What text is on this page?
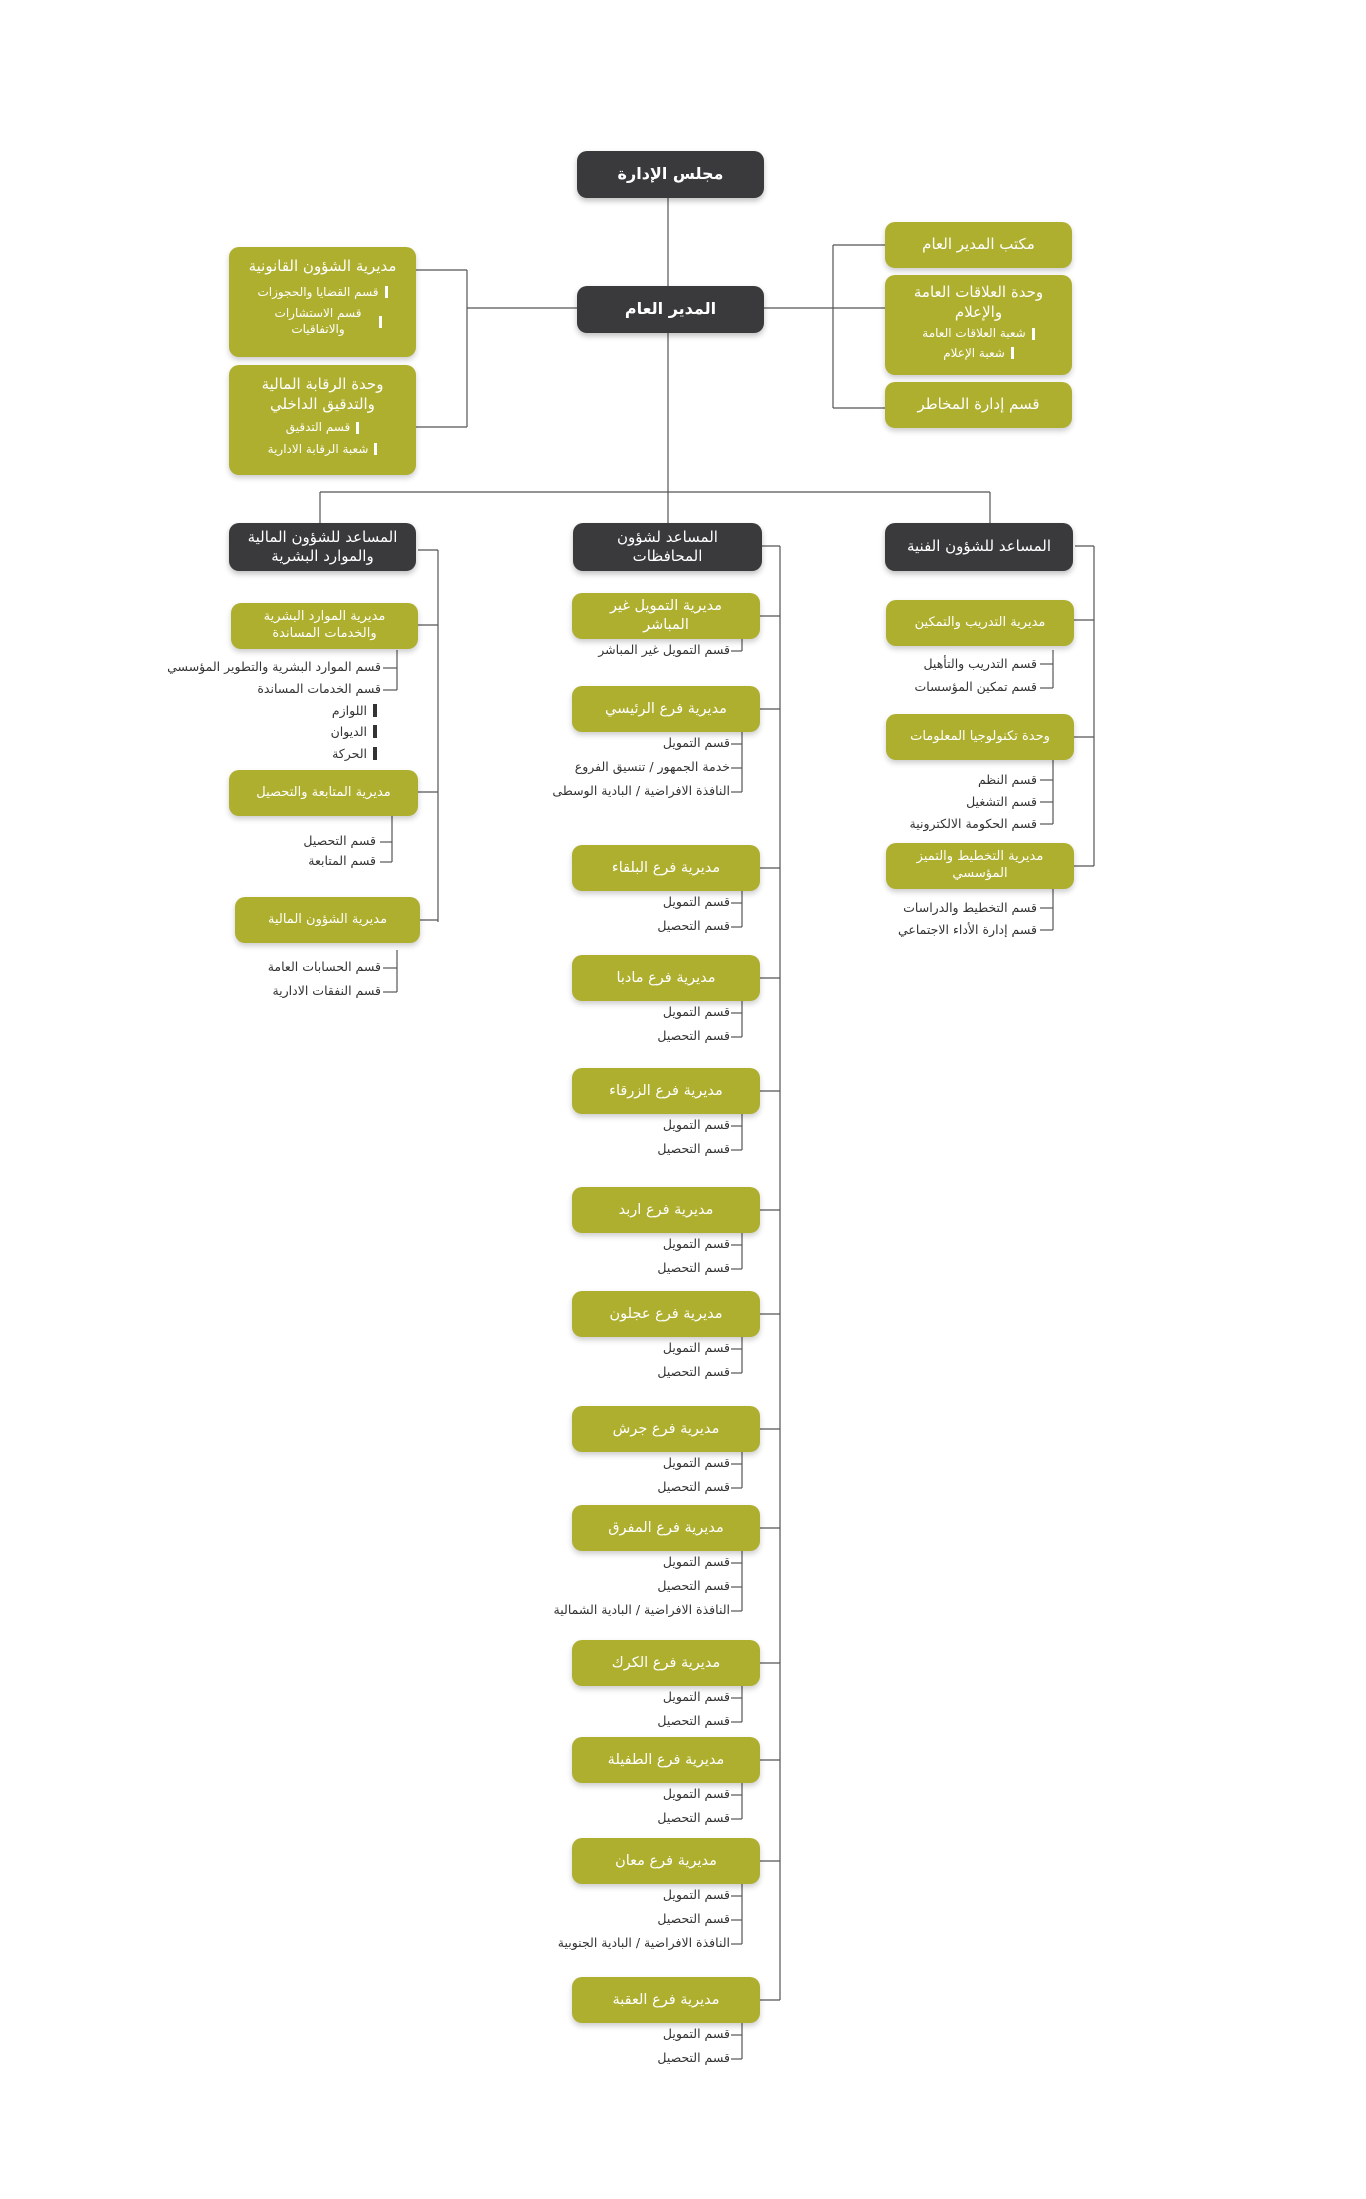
مجلس الإدارة
المدير العام
مديرية الشؤون القانونية
قسم القضايا والحجوزات
قسم الاستشارات والاتفاقيات
وحدة الرقابة المالية والتدقيق الداخلي
قسم التدقيق
شعبة الرقابة الادارية
مكتب المدير العام
وحدة العلاقات العامة والإعلام
شعبة العلاقات العامة
شعبة الإعلام
قسم إدارة المخاطر
المساعد للشؤون المالية والموارد البشرية
المساعد لشؤون المحافظات
المساعد للشؤون الفنية
مديرية الموارد البشرية والخدمات المساندة
قسم الموارد البشرية والتطوير المؤسسي
قسم الخدمات المساندة
اللوازم
الديوان
الحركة
مديرية المتابعة والتحصيل
قسم التحصيل
قسم المتابعة
مديرية الشؤون المالية
قسم الحسابات العامة
قسم النفقات الادارية
مديرية التدريب والتمكين
قسم التدريب والتأهيل
قسم تمكين المؤسسات
وحدة تكنولوجيا المعلومات
قسم النظم
قسم التشغيل
قسم الحكومة الالكترونية
مديرية التخطيط والتميز المؤسسي
قسم التخطيط والدراسات
قسم إدارة الأداء الاجتماعي
مديرية التمويل غير المباشر
قسم التمويل غير المباشر
مديرية فرع الرئيسي
قسم التمويل
خدمة الجمهور / تنسيق الفروع
النافذة الافراضية / البادية الوسطى
مديرية فرع البلقاء
قسم التمويل
قسم التحصيل
مديرية فرع مادبا
قسم التمويل
قسم التحصيل
مديرية فرع الزرقاء
قسم التمويل
قسم التحصيل
مديرية فرع اربد
قسم التمويل
قسم التحصيل
مديرية فرع عجلون
قسم التمويل
قسم التحصيل
مديرية فرع جرش
قسم التمويل
قسم التحصيل
مديرية فرع المفرق
قسم التمويل
قسم التحصيل
النافذة الافراضية / البادية الشمالية
مديرية فرع الكرك
قسم التمويل
قسم التحصيل
مديرية فرع الطفيلة
قسم التمويل
قسم التحصيل
مديرية فرع معان
قسم التمويل
قسم التحصيل
النافذة الافراضية / البادية الجنوبية
مديرية فرع العقبة
قسم التمويل
قسم التحصيل
